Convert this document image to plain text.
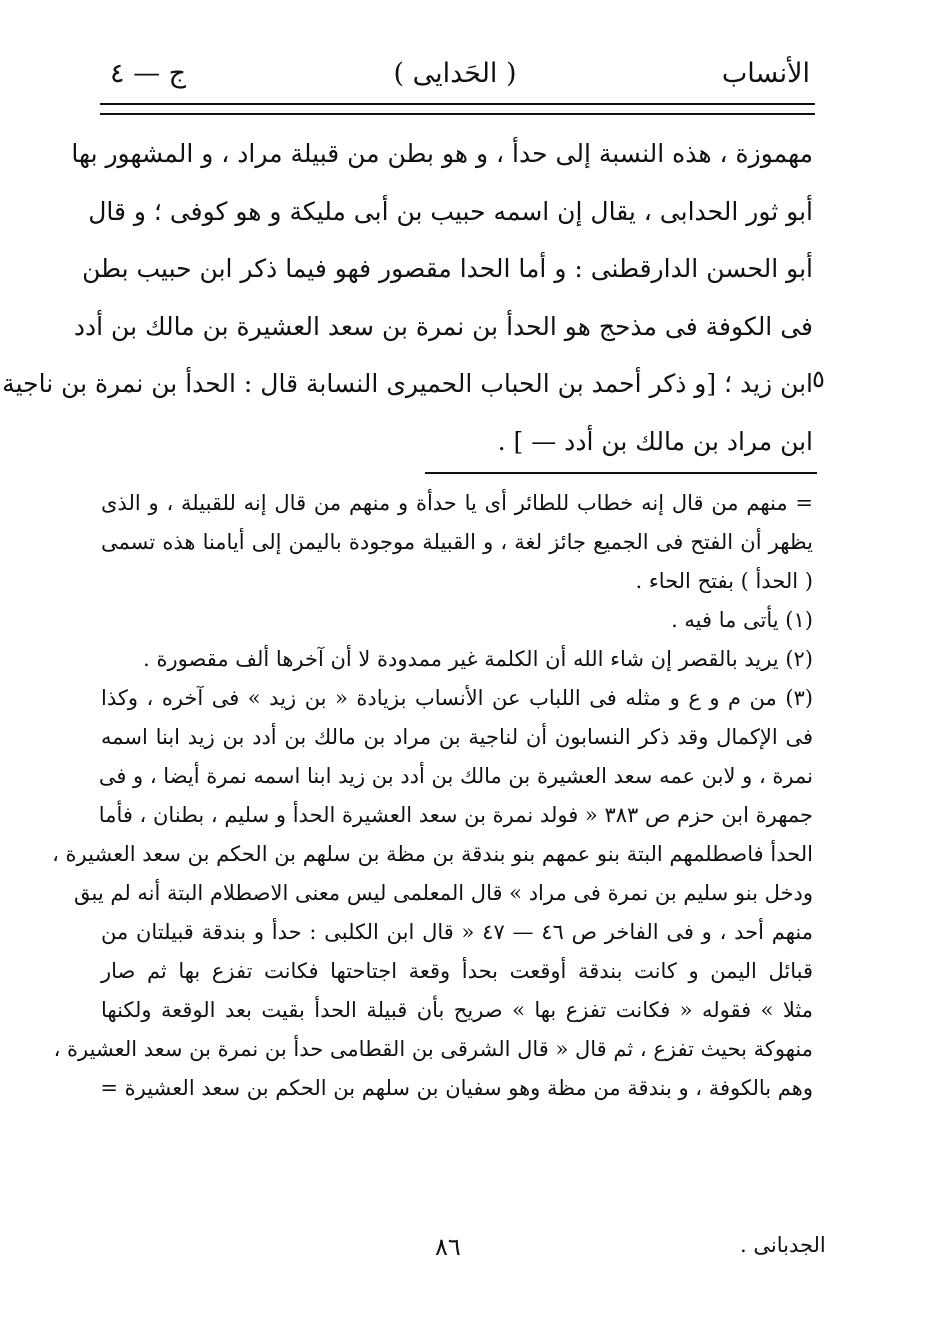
الأنساب
( الحَدايى )
ج — ٤
مهموزة ، هذه النسبة إلى حدأ ، و هو بطن من قبيلة مراد ، و المشهور بها
أبو ثور الحدابى ، يقال إن اسمه حبيب بن أبى مليكة و هو كوفى ؛ و قال
أبو الحسن الدارقطنى : و أما الحدا مقصور فهو فيما ذكر ابن حبيب بطن
فى الكوفة فى مذحج هو الحدأ بن نمرة بن سعد العشيرة بن مالك بن أدد
ابن زيد ؛ [و ذكر أحمد بن الحباب الحميرى النسابة قال : الحدأ بن نمرة بن ناجية
ابن مراد بن مالك بن أدد — ] .
٥
= منهم من قال إنه خطاب للطائر أى يا حدأة و منهم من قال إنه للقبيلة ، و الذى
يظهر أن الفتح فى الجميع جائز لغة ، و القبيلة موجودة باليمن إلى أيامنا هذه تسمى
( الحدأ ) بفتح الحاء .
(١) يأتى ما فيه .
(٢) يريد بالقصر إن شاء الله أن الكلمة غير ممدودة لا أن آخرها ألف مقصورة .
(٣) من م و ع و مثله فى اللباب عن الأنساب بزيادة « بن زيد » فى آخره ، وكذا
فى الإكمال وقد ذكر النسابون أن لناجية بن مراد بن مالك بن أدد بن زيد ابنا اسمه
نمرة ، و لابن عمه سعد العشيرة بن مالك بن أدد بن زيد ابنا اسمه نمرة أيضا ، و فى
جمهرة ابن حزم ص ٣٨٣ « فولد نمرة بن سعد العشيرة الحدأ و سليم ، بطنان ، فأما
الحدأ فاصطلمهم البتة بنو عمهم بنو بندقة بن مظة بن سلهم بن الحكم بن سعد العشيرة ،
ودخل بنو سليم بن نمرة فى مراد » قال المعلمى ليس معنى الاصطلام البتة أنه لم يبق
منهم أحد ، و فى الفاخر ص ٤٦ — ٤٧ « قال ابن الكلبى : حدأ و بندقة قبيلتان من
قبائل اليمن و كانت بندقة أوقعت بحدأ وقعة اجتاحتها فكانت تفزع بها ثم صار
مثلا » فقوله « فكانت تفزع بها » صريح بأن قبيلة الحدأ بقيت بعد الوقعة ولكنها
منهوكة بحيث تفزع ، ثم قال « قال الشرقى بن القطامى حدأ بن نمرة بن سعد العشيرة ،
وهم بالكوفة ، و بندقة من مظة وهو سفيان بن سلهم بن الحكم بن سعد العشيرة =
٨٦	الجدبانى .
